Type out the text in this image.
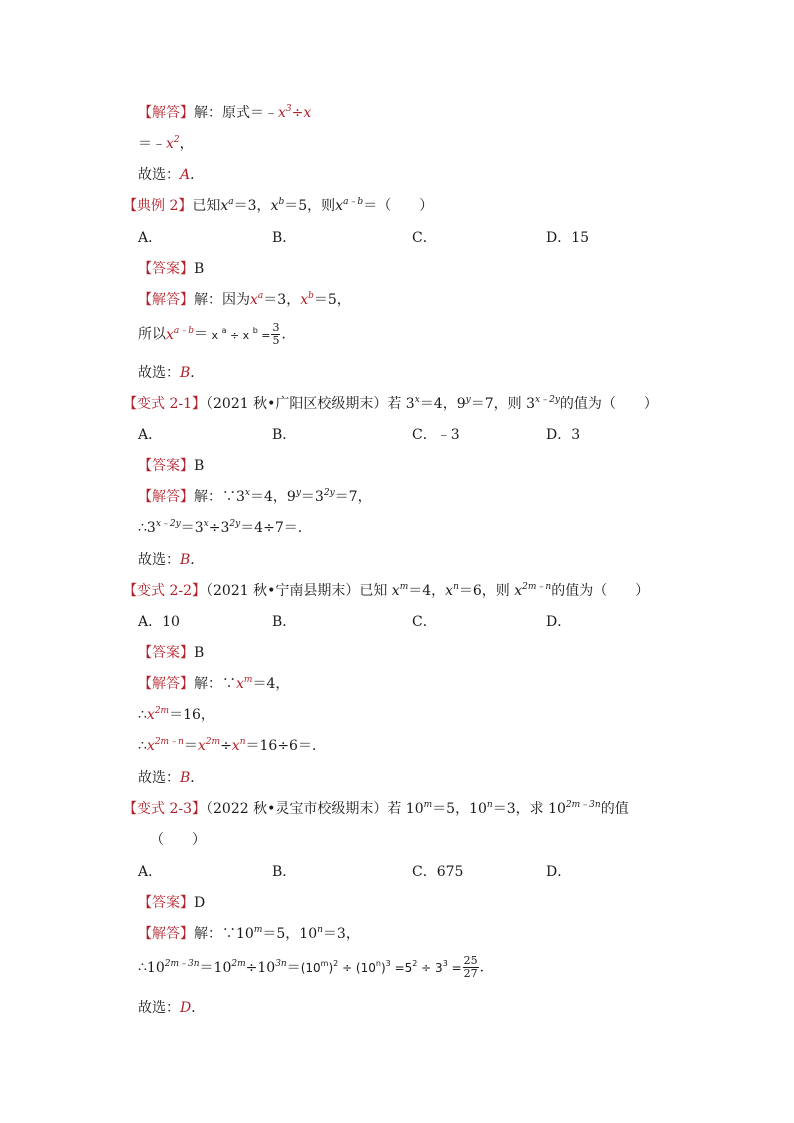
【解答】解：原式$=﹣x^3\div x$
$=﹣x^2$，
故选：A．
【典例 2】已知$x^a=3$，$x^b=5$，则$x^{a﹣b}=$（　　）
A．	B．	C．	D．15
【答案】B
【解答】解：因为$x^a=3$，$x^b=5$，
所以$x^{a﹣b}= x$ $^a$ ÷ x $^b = \frac{3}{5}$ ．
故选：B．
【变式 2-1】（2021 秋•广阳区校级期末）若 $3^x=4$，$9^y=7$，则 $3^{x﹣2y}$的值为（　　）
A．	B．	C．﹣3	D．3
【答案】B
【解答】解：$\because 3^x=4$，$9^y=3^{2y}=7$，
$\therefore 3^{x﹣2y}=3^x\div 3^{2y}=4\div 7=$．
故选：B．
【变式 2-2】（2021 秋•宁南县期末）已知 $x^m=4$，$x^n=6$，则 $x^{2m﹣n}$的值为（　　）
A．10	B．	C．	D．
【答案】B
【解答】解：$\because x^m=4$，
$\therefore x^{2m}=16$，
$\therefore x^{2m﹣n}=x^{2m}\div x^n=16\div 6=$．
故选：B．
【变式 2-3】（2022 秋•灵宝市校级期末）若 $10^m=5$，$10^n=3$，求 $10^{2m﹣3n}$的值
（　　）
A．	B．	C．675	D．
【答案】D
【解答】解：$\because 10^m=5$，$10^n=3$，
$\therefore 10^{2m﹣3n}=10^{2m}\div 10^{3n}=(10^m)^2 \div (10^n)^3 =5^2 \div 3^3 = \frac{25}{27}$ ．
故选：D．
